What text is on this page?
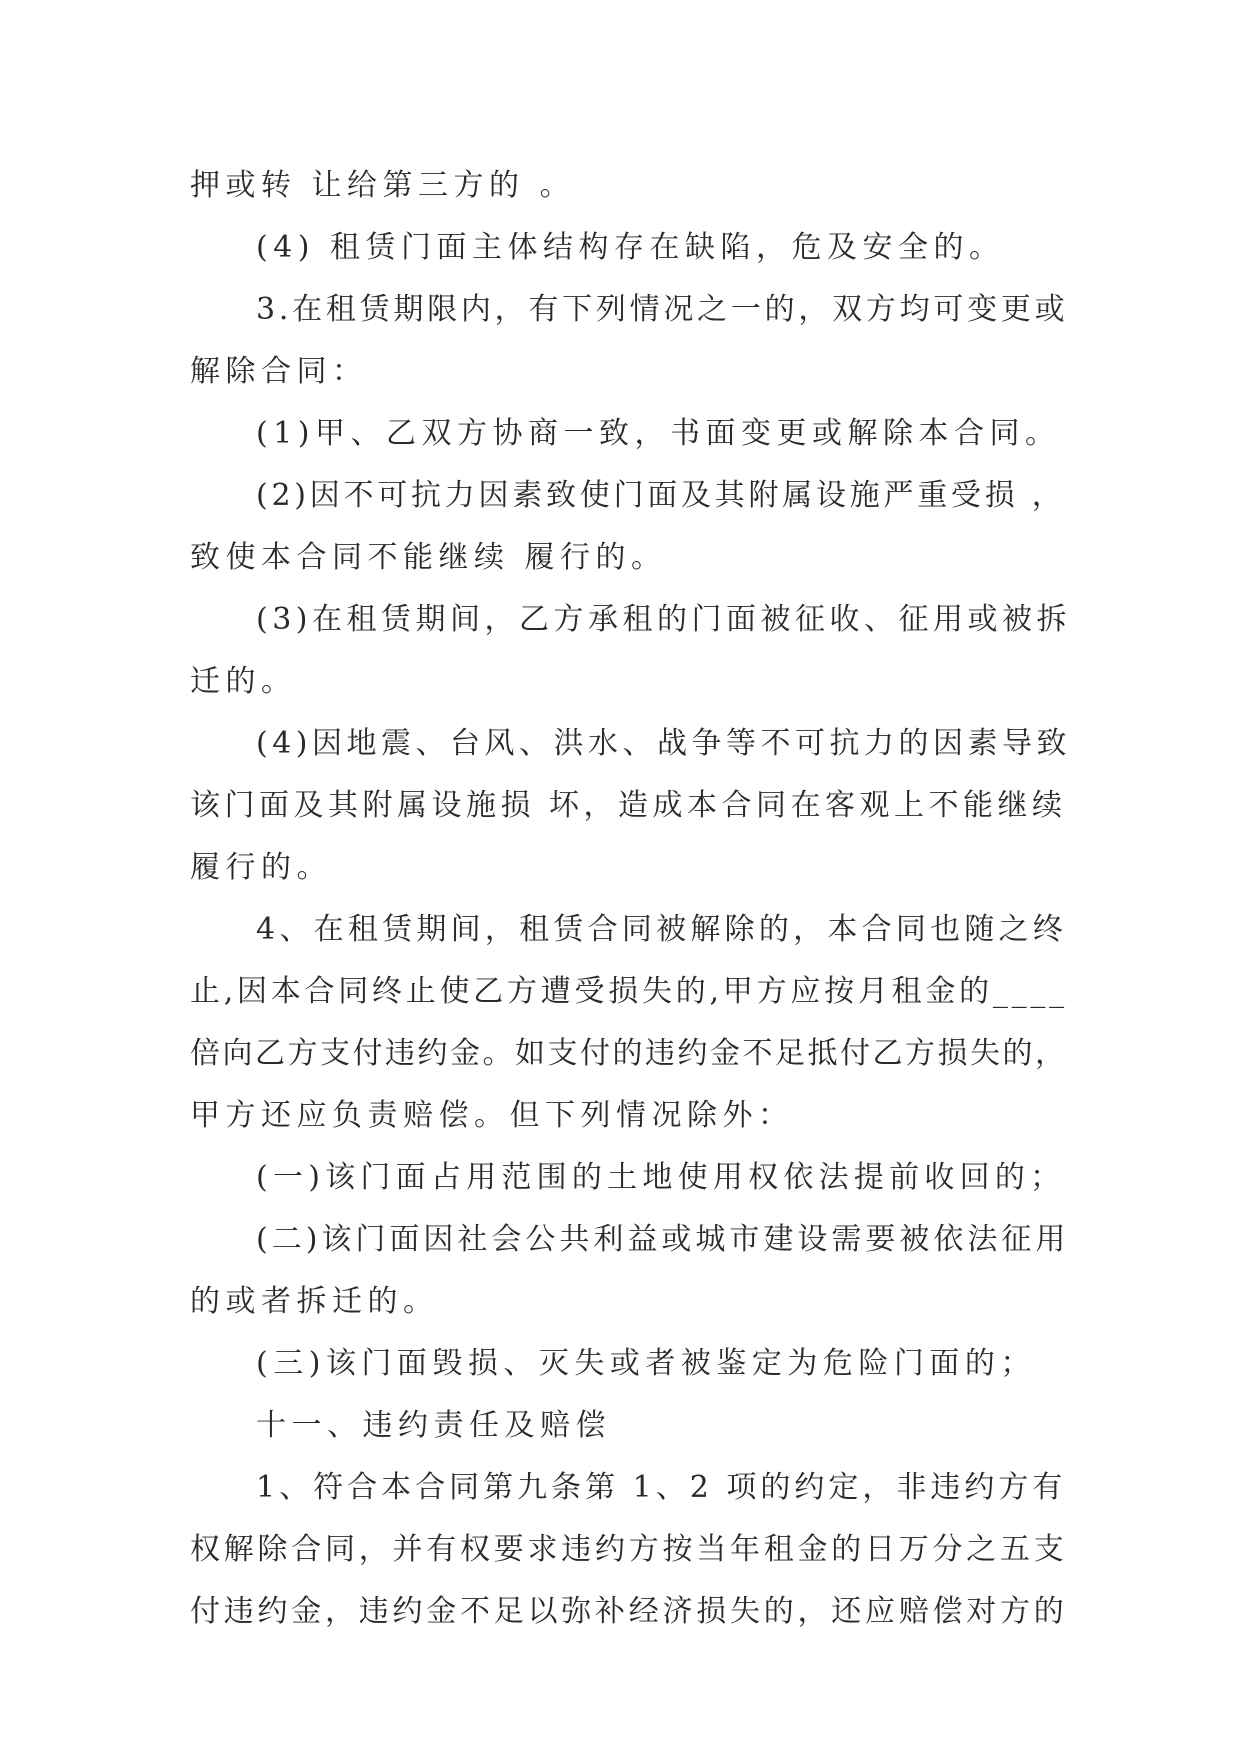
押或转 让给第三方的 。
(4) 租赁门面主体结构存在缺陷，危及安全的。
3.在租赁期限内，有下列情况之一的，双方均可变更或
解除合同：
(1)甲、乙双方协商一致，书面变更或解除本合同。
(2)因不可抗力因素致使门面及其附属设施严重受损 ，
致使本合同不能继续 履行的。
(3)在租赁期间，乙方承租的门面被征收、征用或被拆
迁的。
(4)因地震、台风、洪水、战争等不可抗力的因素导致
该门面及其附属设施损 坏，造成本合同在客观上不能继续
履行的。
4、在租赁期间，租赁合同被解除的，本合同也随之终
止,因本合同终止使乙方遭受损失的,甲方应按月租金的____
倍向乙方支付违约金。如支付的违约金不足抵付乙方损失的，
甲方还应负责赔偿。但下列情况除外：
(一)该门面占用范围的土地使用权依法提前收回的；
(二)该门面因社会公共利益或城市建设需要被依法征用
的或者拆迁的。
(三)该门面毁损、灭失或者被鉴定为危险门面的；
十一、违约责任及赔偿
1、符合本合同第九条第 1、2 项的约定，非违约方有
权解除合同，并有权要求违约方按当年租金的日万分之五支
付违约金，违约金不足以弥补经济损失的，还应赔偿对方的
